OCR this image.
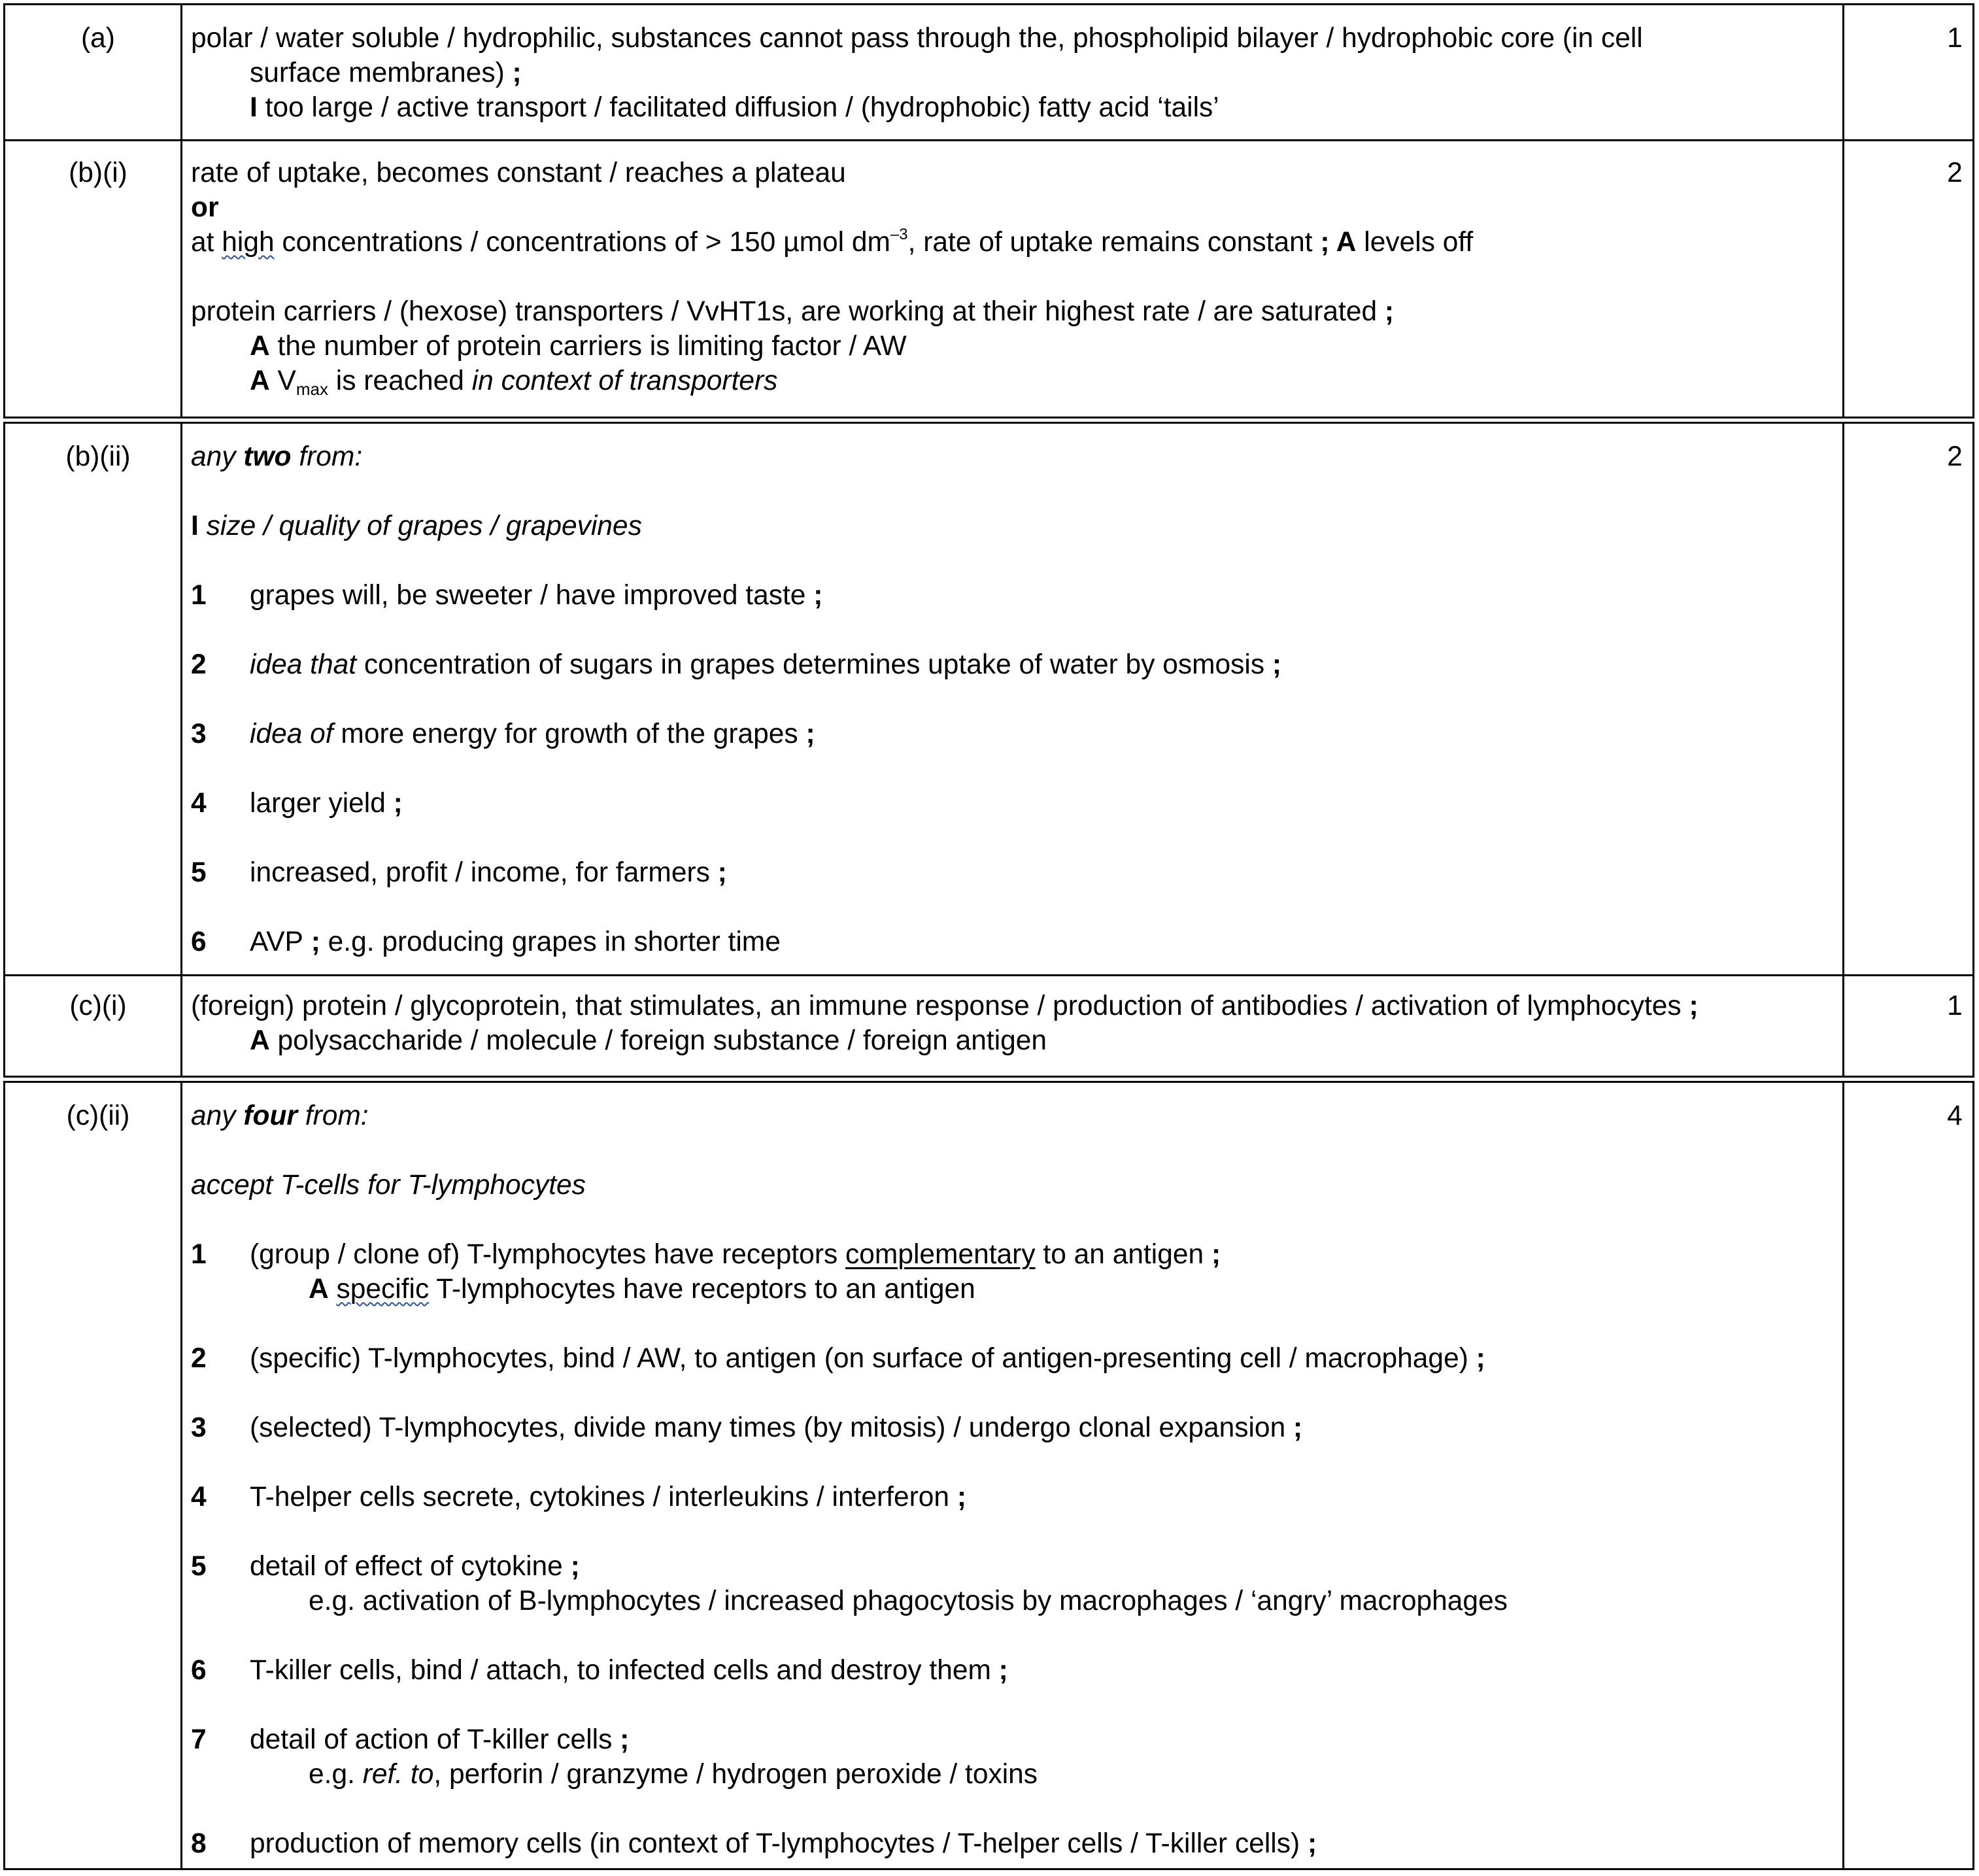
(a)	1
polar / water soluble / hydrophilic, substances cannot pass through the, phospholipid bilayer / hydrophobic core (in cell
surface membranes) ;
I too large / active transport / facilitated diffusion / (hydrophobic) fatty acid ‘tails’
(b)(i)	2
rate of uptake, becomes constant / reaches a plateau
or
at high concentrations / concentrations of > 150 µmol $dm^{-3}$, rate of uptake remains constant ; A levels off
protein carriers / (hexose) transporters / VvHT1s, are working at their highest rate / are saturated ;
A the number of protein carriers is limiting factor / AW
A $V_{max}$ is reached in context of transporters
(b)(ii)	2
any two from:
I size / quality of grapes / grapevines
1 grapes will, be sweeter / have improved taste ;
2 idea that concentration of sugars in grapes determines uptake of water by osmosis ;
3 idea of more energy for growth of the grapes ;
4 larger yield ;
5 increased, profit / income, for farmers ;
6 AVP ; e.g. producing grapes in shorter time
(c)(i)	1
(foreign) protein / glycoprotein, that stimulates, an immune response / production of antibodies / activation of lymphocytes ;
A polysaccharide / molecule / foreign substance / foreign antigen
(c)(ii)	4
any four from:
accept T-cells for T-lymphocytes
1 (group / clone of) T-lymphocytes have receptors complementary to an antigen ;
A specific T-lymphocytes have receptors to an antigen
2 (specific) T-lymphocytes, bind / AW, to antigen (on surface of antigen-presenting cell / macrophage) ;
3 (selected) T-lymphocytes, divide many times (by mitosis) / undergo clonal expansion ;
4 T-helper cells secrete, cytokines / interleukins / interferon ;
5 detail of effect of cytokine ;
e.g. activation of B-lymphocytes / increased phagocytosis by macrophages / ‘angry’ macrophages
6 T-killer cells, bind / attach, to infected cells and destroy them ;
7 detail of action of T-killer cells ;
e.g. ref. to, perforin / granzyme / hydrogen peroxide / toxins
8 production of memory cells (in context of T-lymphocytes / T-helper cells / T-killer cells) ;
